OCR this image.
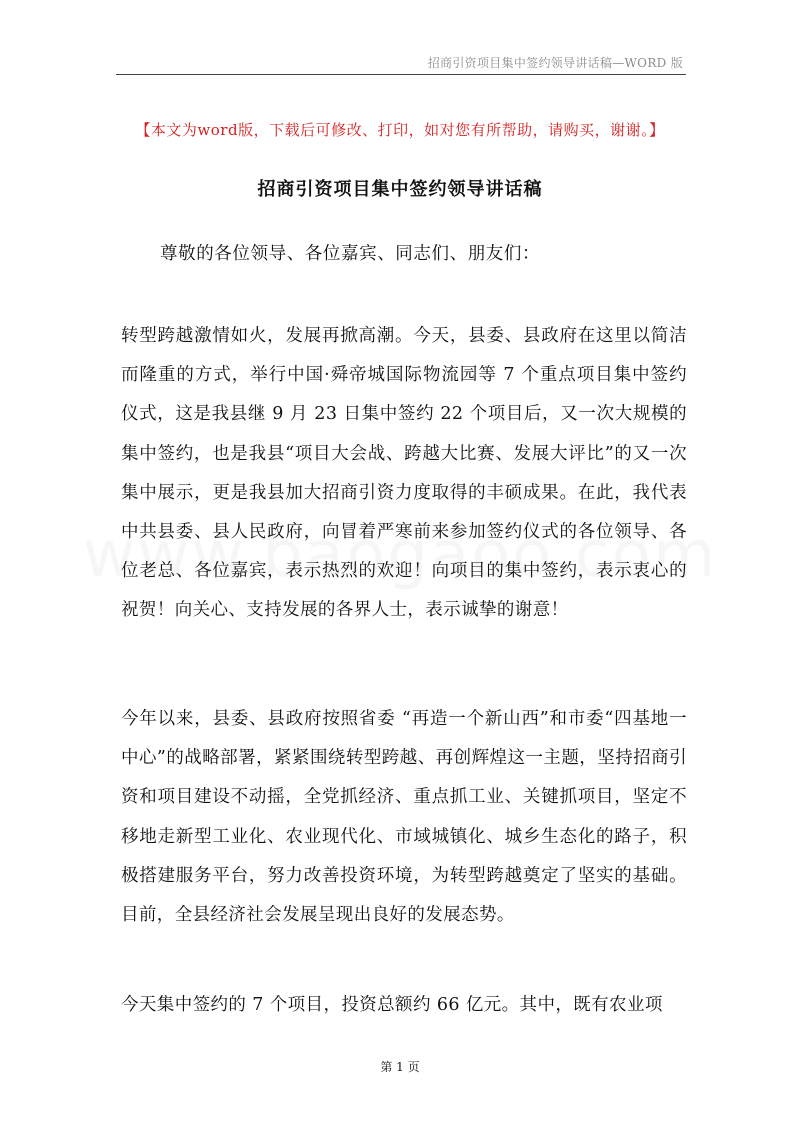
招商引资项目集中签约领导讲话稿—WORD 版
【本文为word版，下载后可修改、打印，如对您有所帮助，请购买，谢谢。】
招商引资项目集中签约领导讲话稿
尊敬的各位领导、各位嘉宾、同志们、朋友们：
转型跨越激情如火，发展再掀高潮。今天，县委、县政府在这里以简洁而隆重的方式，举行中国·舜帝城国际物流园等 7 个重点项目集中签约仪式，这是我县继 9 月 23 日集中签约 22 个项目后，又一次大规模的集中签约，也是我县“项目大会战、跨越大比赛、发展大评比”的又一次集中展示，更是我县加大招商引资力度取得的丰硕成果。在此，我代表中共县委、县人民政府，向冒着严寒前来参加签约仪式的各位领导、各位老总、各位嘉宾，表示热烈的欢迎！向项目的集中签约，表示衷心的祝贺！向关心、支持发展的各界人士，表示诚挚的谢意！
今年以来，县委、县政府按照省委 “再造一个新山西”和市委“四基地一中心”的战略部署，紧紧围绕转型跨越、再创辉煌这一主题，坚持招商引资和项目建设不动摇，全党抓经济、重点抓工业、关键抓项目，坚定不移地走新型工业化、农业现代化、市域城镇化、城乡生态化的路子，积极搭建服务平台，努力改善投资环境，为转型跨越奠定了坚实的基础。目前，全县经济社会发展呈现出良好的发展态势。
今天集中签约的 7 个项目，投资总额约 66 亿元。其中，既有农业项
第 1 页
